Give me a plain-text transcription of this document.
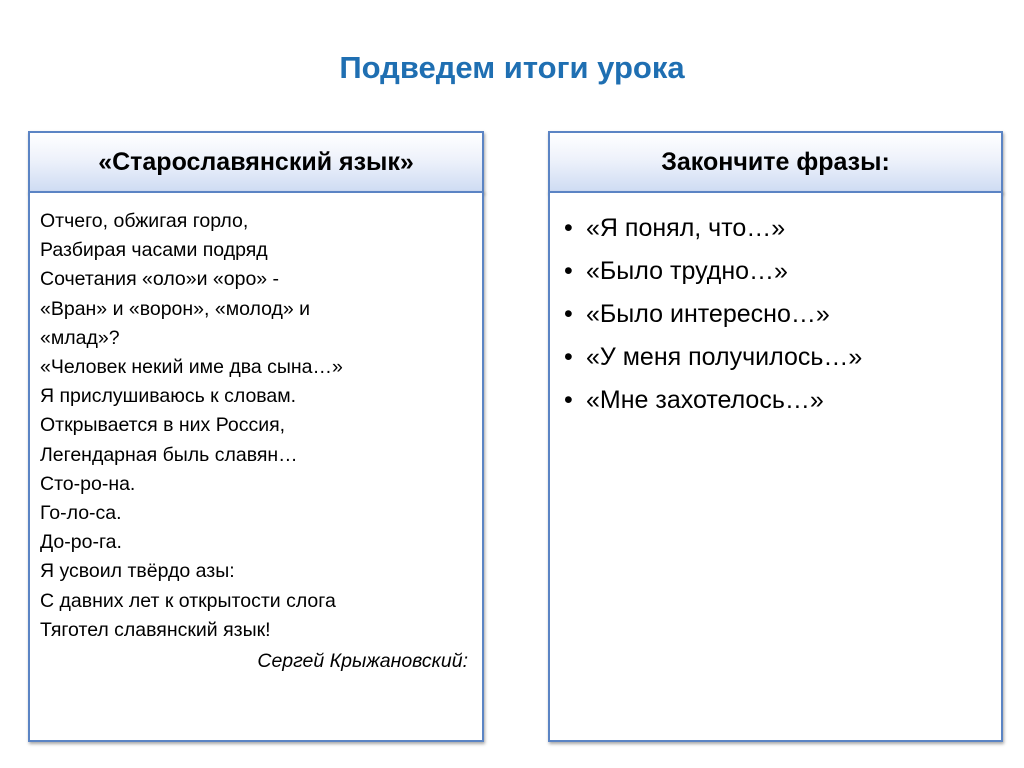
Подведем итоги урока
«Старославянский язык»
Отчего, обжигая горло,
Разбирая часами подряд
Сочетания «оло»и «оро» -
«Вран» и «ворон», «молод» и
«млад»?
«Человек некий име два сына…»
Я прислушиваюсь к словам.
Открывается в них Россия,
Легендарная быль славян…
Сто-ро-на.
Го-ло-са.
До-ро-га.
Я усвоил твёрдо азы:
С давних лет к открытости слога
Тяготел славянский язык!
Сергей Крыжановский:
Закончите фразы:
• «Я понял, что…»
• «Было трудно…»
• «Было интересно…»
• «У меня получилось…»
• «Мне захотелось…»
